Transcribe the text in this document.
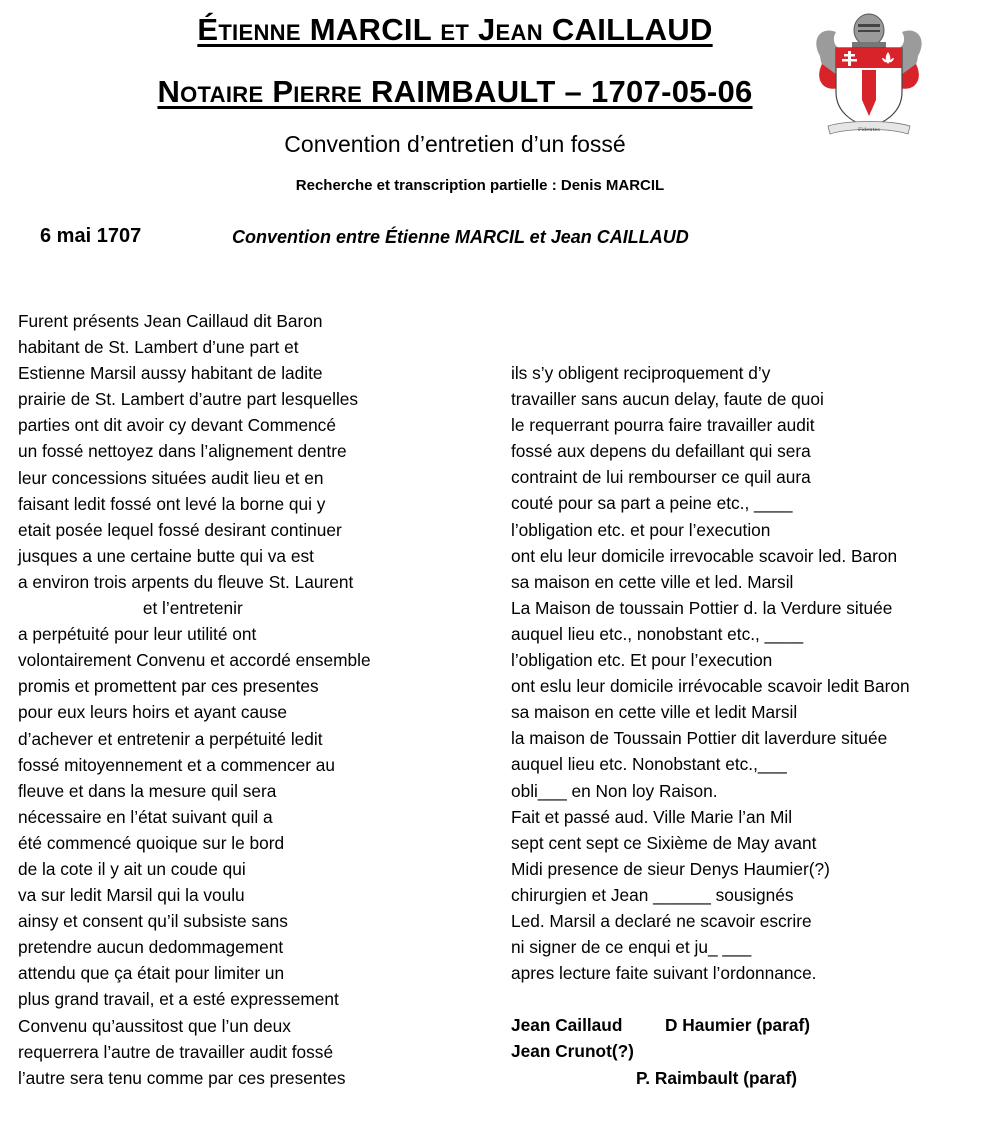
Étienne MARCIL et Jean CAILLAUD
Notaire Pierre RAIMBAULT – 1707-05-06
Convention d’entretien d’un fossé
Recherche et transcription partielle : Denis MARCIL
Fidentes
6 mai 1707	Convention entre Étienne MARCIL et Jean CAILLAUD
Furent présents Jean Caillaud dit Baron
habitant de St. Lambert d’une part et
Estienne Marsil aussy habitant de ladite
prairie de St. Lambert d’autre part lesquelles
parties ont dit avoir cy devant Commencé
un fossé nettoyez dans l’alignement dentre
leur concessions situées audit lieu et en
faisant ledit fossé ont levé la borne qui y
etait posée lequel fossé desirant continuer
jusques a une certaine butte qui va est
a environ trois arpents du fleuve St. Laurent
et l’entretenir
a perpétuité pour leur utilité ont
volontairement Convenu et accordé ensemble
promis et promettent par ces presentes
pour eux leurs hoirs et ayant cause
d’achever et entretenir a perpétuité ledit
fossé mitoyennement et a commencer au
fleuve et dans la mesure quil sera
nécessaire en l’état suivant quil a
été commencé quoique sur le bord
de la cote il y ait un coude qui
va sur ledit Marsil qui la voulu
ainsy et consent qu’il subsiste sans
pretendre aucun dedommagement
attendu que ça était pour limiter un
plus grand travail, et a esté expressement
Convenu qu’aussitost que l’un deux
requerrera l’autre de travailler audit fossé
l’autre sera tenu comme par ces presentes
ils s’y obligent reciproquement d’y
travailler sans aucun delay, faute de quoi
le requerrant pourra faire travailler audit
fossé aux depens du defaillant qui sera
contraint de lui rembourser ce quil aura
couté pour sa part a peine etc., ____
l’obligation etc. et pour l’execution
ont elu leur domicile irrevocable scavoir led. Baron
sa maison en cette ville et led. Marsil
La Maison de toussain Pottier d. la Verdure située
auquel lieu etc., nonobstant etc., ____
l’obligation etc. Et pour l’execution
ont eslu leur domicile irrévocable scavoir ledit Baron
sa maison en cette ville et ledit Marsil
la maison de Toussain Pottier dit laverdure située
auquel lieu etc. Nonobstant etc.,___
obli___ en Non loy Raison.
Fait et passé aud. Ville Marie l’an Mil
sept cent sept ce Sixième de May avant
Midi presence de sieur Denys Haumier(?)
chirurgien et Jean ______ sousignés
Led. Marsil a declaré ne scavoir escrire
ni signer de ce enqui et ju_ ___
apres lecture faite suivant l’ordonnance.
Jean Caillaud D Haumier (paraf)
Jean Crunot(?)
P. Raimbault (paraf)
